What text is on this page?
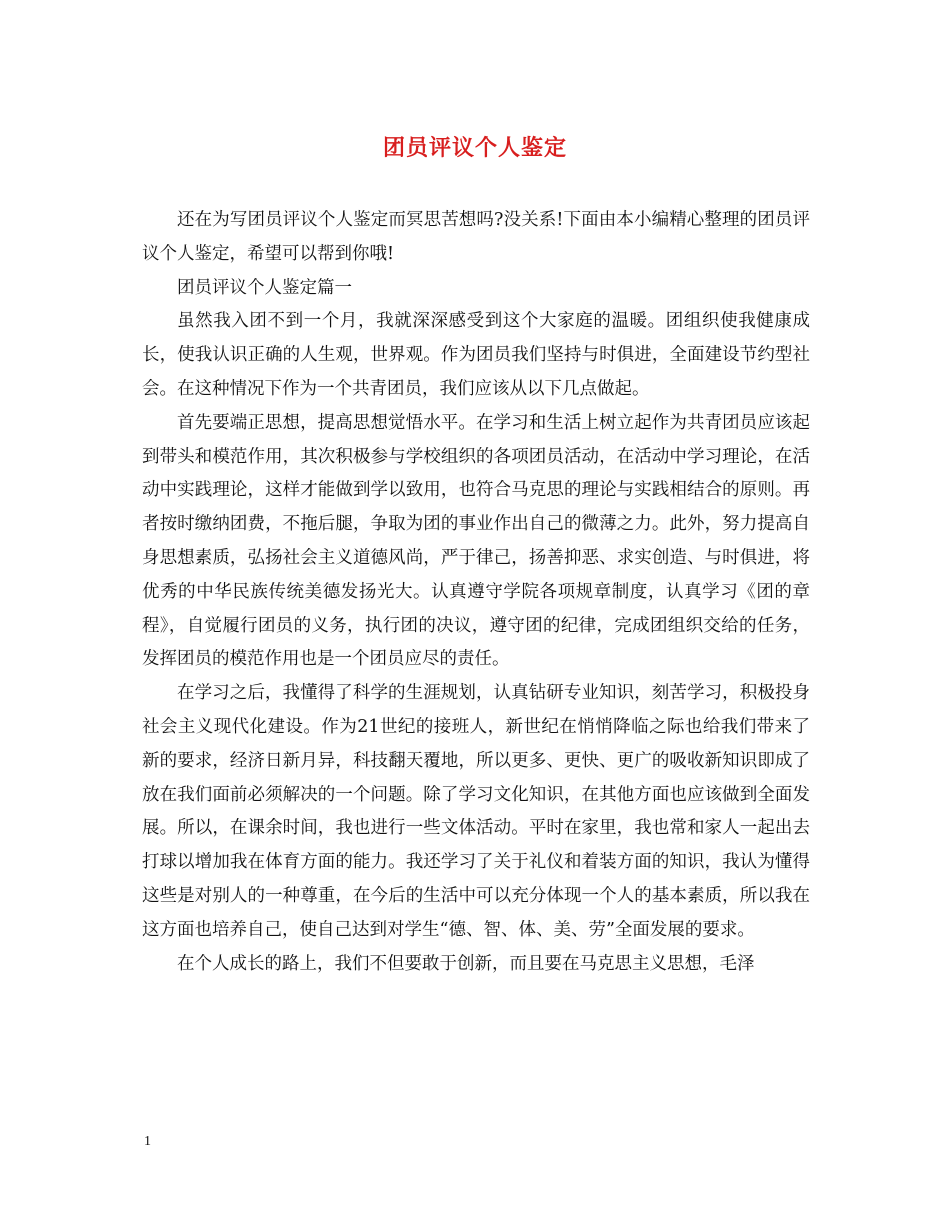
团员评议个人鉴定

还在为写团员评议个人鉴定而冥思苦想吗?没关系!下面由本小编精心整理的团员评议个人鉴定，希望可以帮到你哦!

团员评议个人鉴定篇一

虽然我入团不到一个月，我就深深感受到这个大家庭的温暖。团组织使我健康成长，使我认识正确的人生观，世界观。作为团员我们坚持与时俱进，全面建设节约型社会。在这种情况下作为一个共青团员，我们应该从以下几点做起。

首先要端正思想，提高思想觉悟水平。在学习和生活上树立起作为共青团员应该起到带头和模范作用，其次积极参与学校组织的各项团员活动，在活动中学习理论，在活动中实践理论，这样才能做到学以致用，也符合马克思的理论与实践相结合的原则。再者按时缴纳团费，不拖后腿，争取为团的事业作出自己的微薄之力。此外，努力提高自身思想素质，弘扬社会主义道德风尚，严于律己，扬善抑恶、求实创造、与时俱进，将优秀的中华民族传统美德发扬光大。认真遵守学院各项规章制度，认真学习《团的章程》，自觉履行团员的义务，执行团的决议，遵守团的纪律，完成团组织交给的任务，发挥团员的模范作用也是一个团员应尽的责任。

在学习之后，我懂得了科学的生涯规划，认真钻研专业知识，刻苦学习，积极投身社会主义现代化建设。作为21世纪的接班人，新世纪在悄悄降临之际也给我们带来了新的要求，经济日新月异，科技翻天覆地，所以更多、更快、更广的吸收新知识即成了放在我们面前必须解决的一个问题。除了学习文化知识，在其他方面也应该做到全面发展。所以，在课余时间，我也进行一些文体活动。平时在家里，我也常和家人一起出去打球以增加我在体育方面的能力。我还学习了关于礼仪和着装方面的知识，我认为懂得这些是对别人的一种尊重，在今后的生活中可以充分体现一个人的基本素质，所以我在这方面也培养自己，使自己达到对学生“德、智、体、美、劳”全面发展的要求。

在个人成长的路上，我们不但要敢于创新，而且要在马克思主义思想，毛泽

1
